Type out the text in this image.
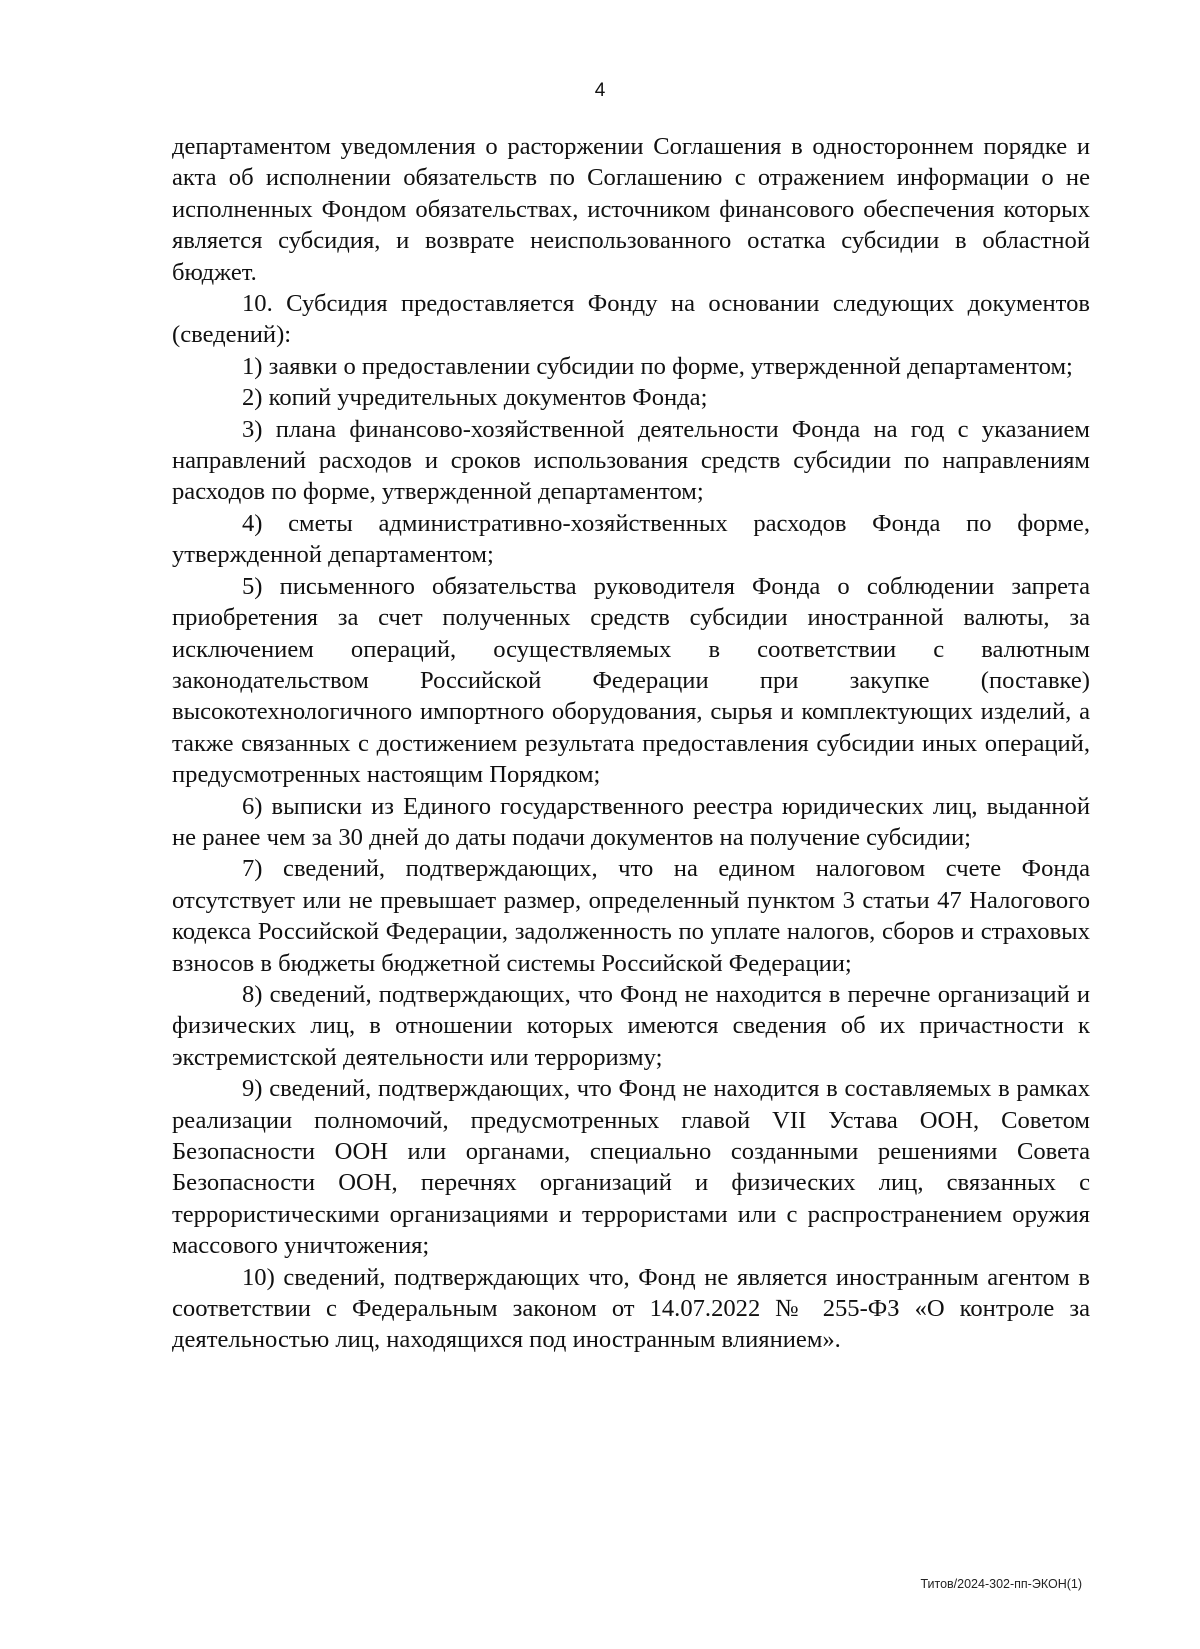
4

департаментом уведомления о расторжении Соглашения в одностороннем порядке и акта об исполнении обязательств по Соглашению с отражением информации о не исполненных Фондом обязательствах, источником финансового обеспечения которых является субсидия, и возврате неиспользованного остатка субсидии в областной бюджет.

10. Субсидия предоставляется Фонду на основании следующих документов (сведений):

1) заявки о предоставлении субсидии по форме, утвержденной департаментом;

2) копий учредительных документов Фонда;

3) плана финансово-хозяйственной деятельности Фонда на год с указанием направлений расходов и сроков использования средств субсидии по направлениям расходов по форме, утвержденной департаментом;

4) сметы административно-хозяйственных расходов Фонда по форме, утвержденной департаментом;

5) письменного обязательства руководителя Фонда о соблюдении запрета приобретения за счет полученных средств субсидии иностранной валюты, за исключением операций, осуществляемых в соответствии с валютным законодательством Российской Федерации при закупке (поставке) высокотехнологичного импортного оборудования, сырья и комплектующих изделий, а также связанных с достижением результата предоставления субсидии иных операций, предусмотренных настоящим Порядком;

6) выписки из Единого государственного реестра юридических лиц, выданной не ранее чем за 30 дней до даты подачи документов на получение субсидии;

7) сведений, подтверждающих, что на едином налоговом счете Фонда отсутствует или не превышает размер, определенный пунктом 3 статьи 47 Налогового кодекса Российской Федерации, задолженность по уплате налогов, сборов и страховых взносов в бюджеты бюджетной системы Российской Федерации;

8) сведений, подтверждающих, что Фонд не находится в перечне организаций и физических лиц, в отношении которых имеются сведения об их причастности к экстремистской деятельности или терроризму;

9) сведений, подтверждающих, что Фонд не находится в составляемых в рамках реализации полномочий, предусмотренных главой VII Устава ООН, Советом Безопасности ООН или органами, специально созданными решениями Совета Безопасности ООН, перечнях организаций и физических лиц, связанных с террористическими организациями и террористами или с распространением оружия массового уничтожения;

10) сведений, подтверждающих что, Фонд не является иностранным агентом в соответствии с Федеральным законом от 14.07.2022 № 255-ФЗ «О контроле за деятельностью лиц, находящихся под иностранным влиянием».

Титов/2024-302-пп-ЭКОН(1)
